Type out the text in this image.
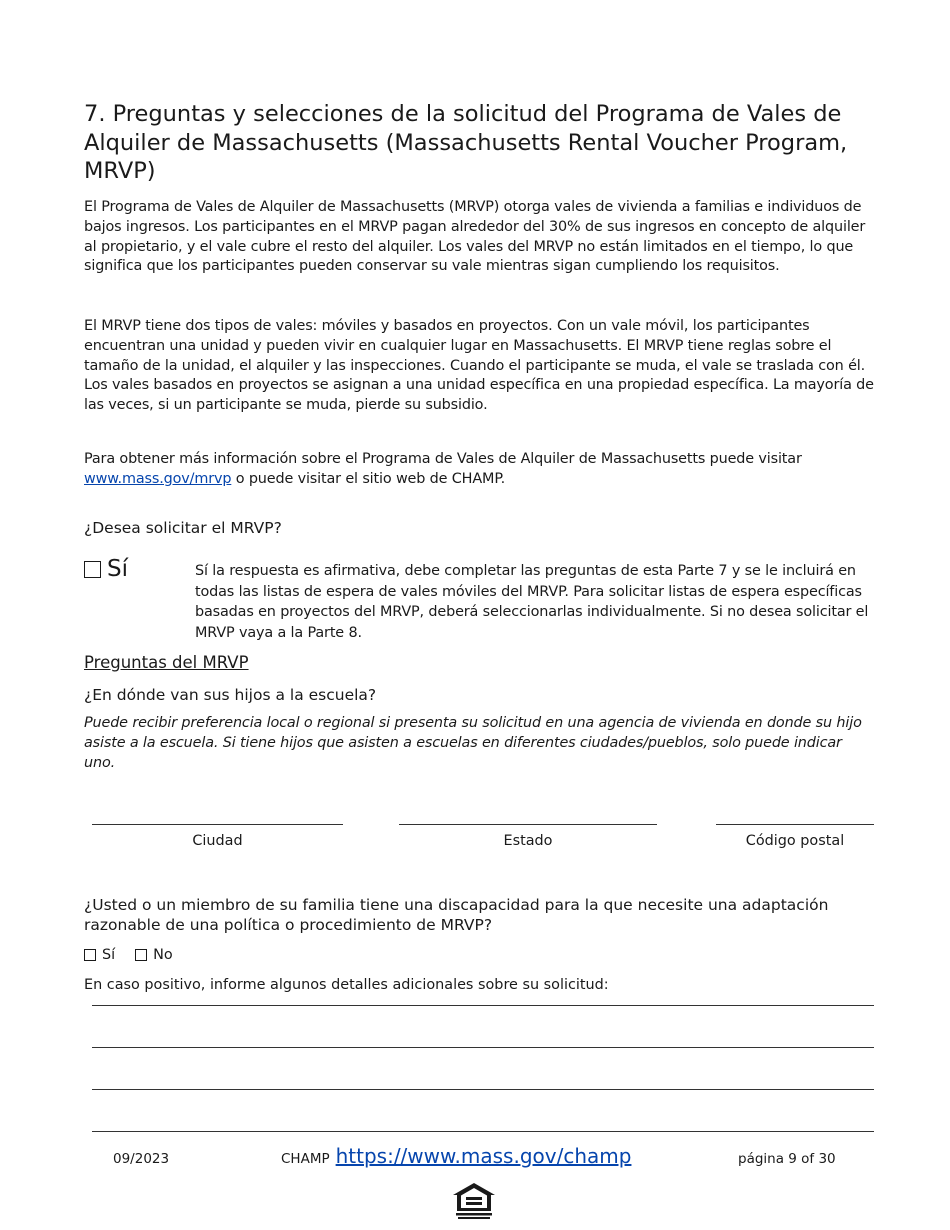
7. Preguntas y selecciones de la solicitud del Programa de Vales de Alquiler de Massachusetts (Massachusetts Rental Voucher Program, MRVP)

El Programa de Vales de Alquiler de Massachusetts (MRVP) otorga vales de vivienda a familias e individuos de bajos ingresos. Los participantes en el MRVP pagan alrededor del 30% de sus ingresos en concepto de alquiler al propietario, y el vale cubre el resto del alquiler. Los vales del MRVP no están limitados en el tiempo, lo que significa que los participantes pueden conservar su vale mientras sigan cumpliendo los requisitos.

El MRVP tiene dos tipos de vales: móviles y basados en proyectos. Con un vale móvil, los participantes encuentran una unidad y pueden vivir en cualquier lugar en Massachusetts. El MRVP tiene reglas sobre el tamaño de la unidad, el alquiler y las inspecciones. Cuando el participante se muda, el vale se traslada con él. Los vales basados en proyectos se asignan a una unidad específica en una propiedad específica. La mayoría de las veces, si un participante se muda, pierde su subsidio.

Para obtener más información sobre el Programa de Vales de Alquiler de Massachusetts puede visitar www.mass.gov/mrvp o puede visitar el sitio web de CHAMP.

¿Desea solicitar el MRVP?

Sí	Sí la respuesta es afirmativa, debe completar las preguntas de esta Parte 7 y se le incluirá en todas las listas de espera de vales móviles del MRVP. Para solicitar listas de espera específicas basadas en proyectos del MRVP, deberá seleccionarlas individualmente. Si no desea solicitar el MRVP vaya a la Parte 8.

Preguntas del MRVP

¿En dónde van sus hijos a la escuela?

Puede recibir preferencia local o regional si presenta su solicitud en una agencia de vivienda en donde su hijo asiste a la escuela. Si tiene hijos que asisten a escuelas en diferentes ciudades/pueblos, solo puede indicar uno.

Ciudad	Estado	Código postal

¿Usted o un miembro de su familia tiene una discapacidad para la que necesite una adaptación razonable de una política o procedimiento de MRVP?

Sí	No

En caso positivo, informe algunos detalles adicionales sobre su solicitud:

09/2023	CHAMP https://www.mass.gov/champ	página 9 of 30
